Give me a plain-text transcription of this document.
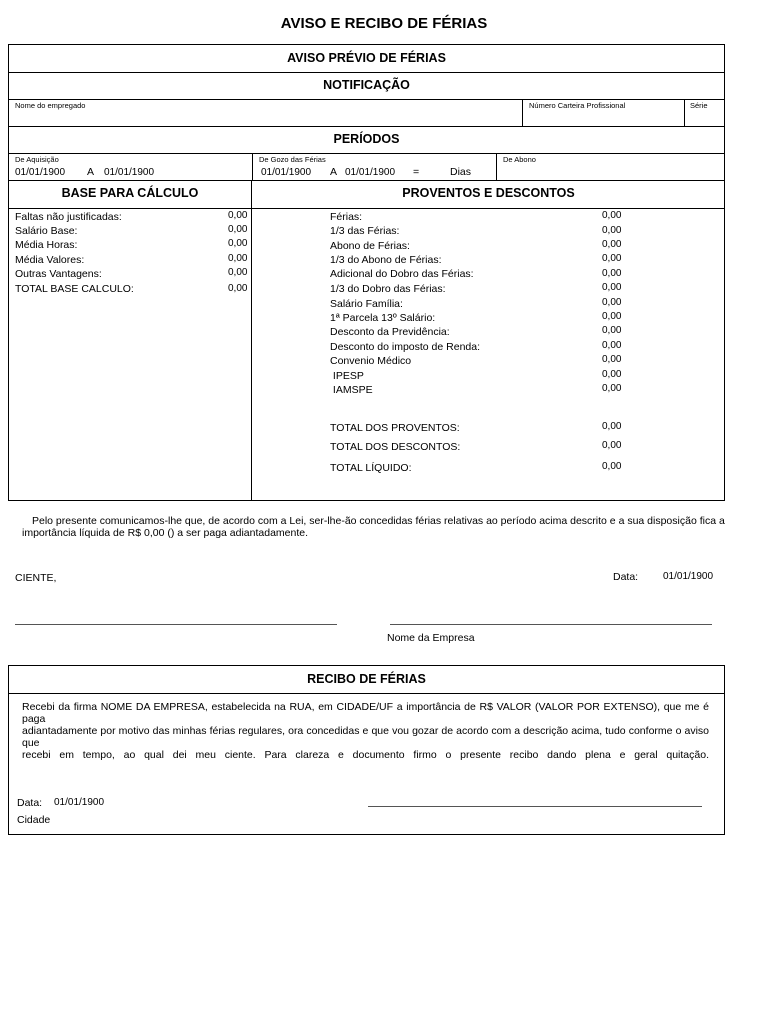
AVISO E RECIBO DE FÉRIAS
AVISO PRÉVIO DE FÉRIAS
NOTIFICAÇÃO
PERÍODOS
BASE PARA CÁLCULO	PROVENTOS E DESCONTOS
Nome do empregado	Número Carteira Profissional	Série
De Aquisição
01/01/1900 A 01/01/1900
De Gozo das Férias
01/01/1900 A 01/01/1900 =	Dias
De Abono
Faltas não justificadas:	0,00
Salário Base:	0,00
Média Horas:	0,00
Média Valores:	0,00
Outras Vantagens:	0,00
TOTAL BASE CALCULO:	0,00
Férias:	0,00
1/3 das Férias:	0,00
Abono de Férias:	0,00
1/3 do Abono de Férias:	0,00
Adicional do Dobro das Férias:	0,00
1/3 do Dobro das Férias:	0,00
Salário Família:	0,00
1ª Parcela 13º Salário:	0,00
Desconto da Previdência:	0,00
Desconto do imposto de Renda:	0,00
Convenio Médico	0,00
IPESP	0,00
IAMSPE	0,00
TOTAL DOS PROVENTOS:	0,00
TOTAL DOS DESCONTOS:	0,00
TOTAL LÍQUIDO:	0,00
Pelo presente comunicamos-lhe que, de acordo com a Lei, ser-lhe-ão concedidas férias relativas ao período acima descrito e a sua disposição fica a
importância líquida de R$ 0,00 () a ser paga adiantadamente.
CIENTE,	Data: 01/01/1900
Nome da Empresa
RECIBO DE FÉRIAS
Recebi da firma NOME DA EMPRESA, estabelecida na RUA, em CIDADE/UF a importância de R$ VALOR (VALOR POR EXTENSO), que me é paga
adiantadamente por motivo das minhas férias regulares, ora concedidas e que vou gozar de acordo com a descrição acima, tudo conforme o aviso que
recebi em tempo, ao qual dei meu ciente. Para clareza e documento firmo o presente recibo dando plena e geral quitação.
Data: 01/01/1900
Cidade
